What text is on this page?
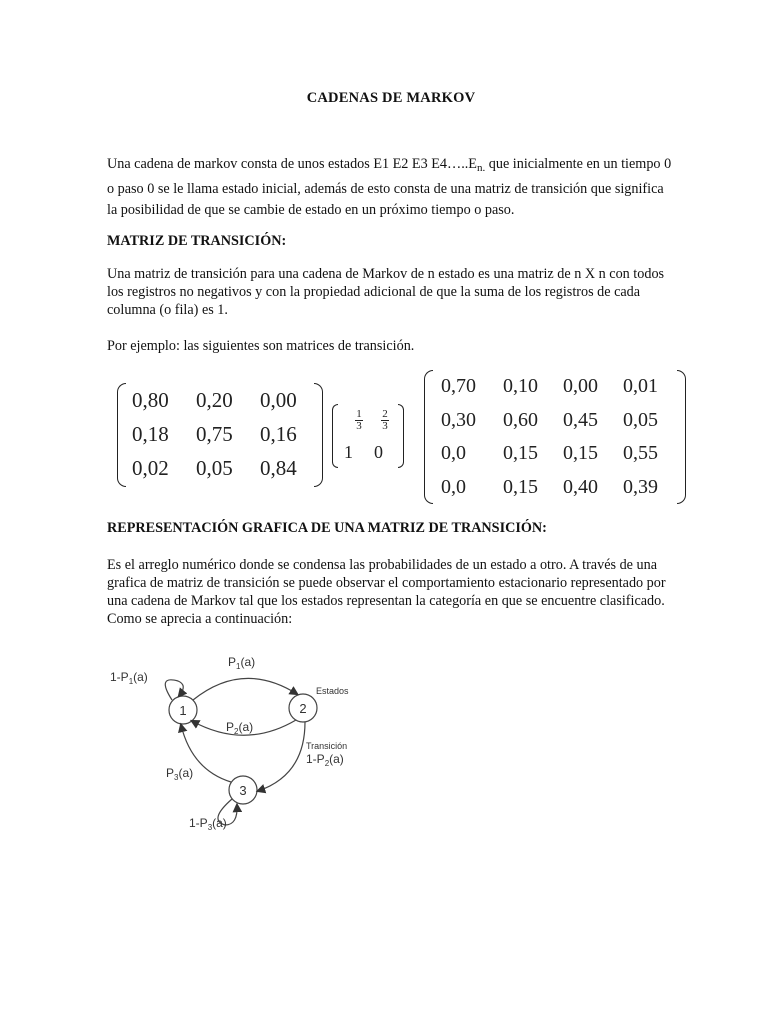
CADENAS DE MARKOV

Una cadena de markov consta de unos estados E1 E2 E3 $E4\dots..E_{n.}$ que inicialmente en un tiempo 0 o paso 0 se le llama estado inicial, además de esto consta de una matriz de transición que significa la posibilidad de que se cambie de estado en un próximo tiempo o paso.

MATRIZ DE TRANSICIÓN:

Una matriz de transición para una cadena de Markov de n estado es una matriz de n X n con todos los registros no negativos y con la propiedad adicional de que la suma de los registros de cada columna (o fila) es 1.

Por ejemplo: las siguientes son matrices de transición.

0,80	0,20	0,00
0,18	0,75	0,16
0,02	0,05	0,84
$\frac{1}{3} \frac{2}{3}$
1	0
0,70	0,10	0,00	0,01
0,30	0,60	0,45	0,05
0,0	0,15	0,15	0,55
0,0	0,15	0,40	0,39

REPRESENTACIÓN GRAFICA DE UNA MATRIZ DE TRANSICIÓN:

Es el arreglo numérico donde se condensa las probabilidades de un estado a otro. A través de una grafica de matriz de transición se puede observar el comportamiento estacionario representado por una cadena de Markov tal que los estados representan la categoría en que se encuentre clasificado. Como se aprecia a continuación:

1	2
3
$P_1(a)$
$P_2(a)$
$1-P_1(a)$
$P_3(a)$
$1-P_2(a)$
$1-P_3(a)$
Estados
Transición
